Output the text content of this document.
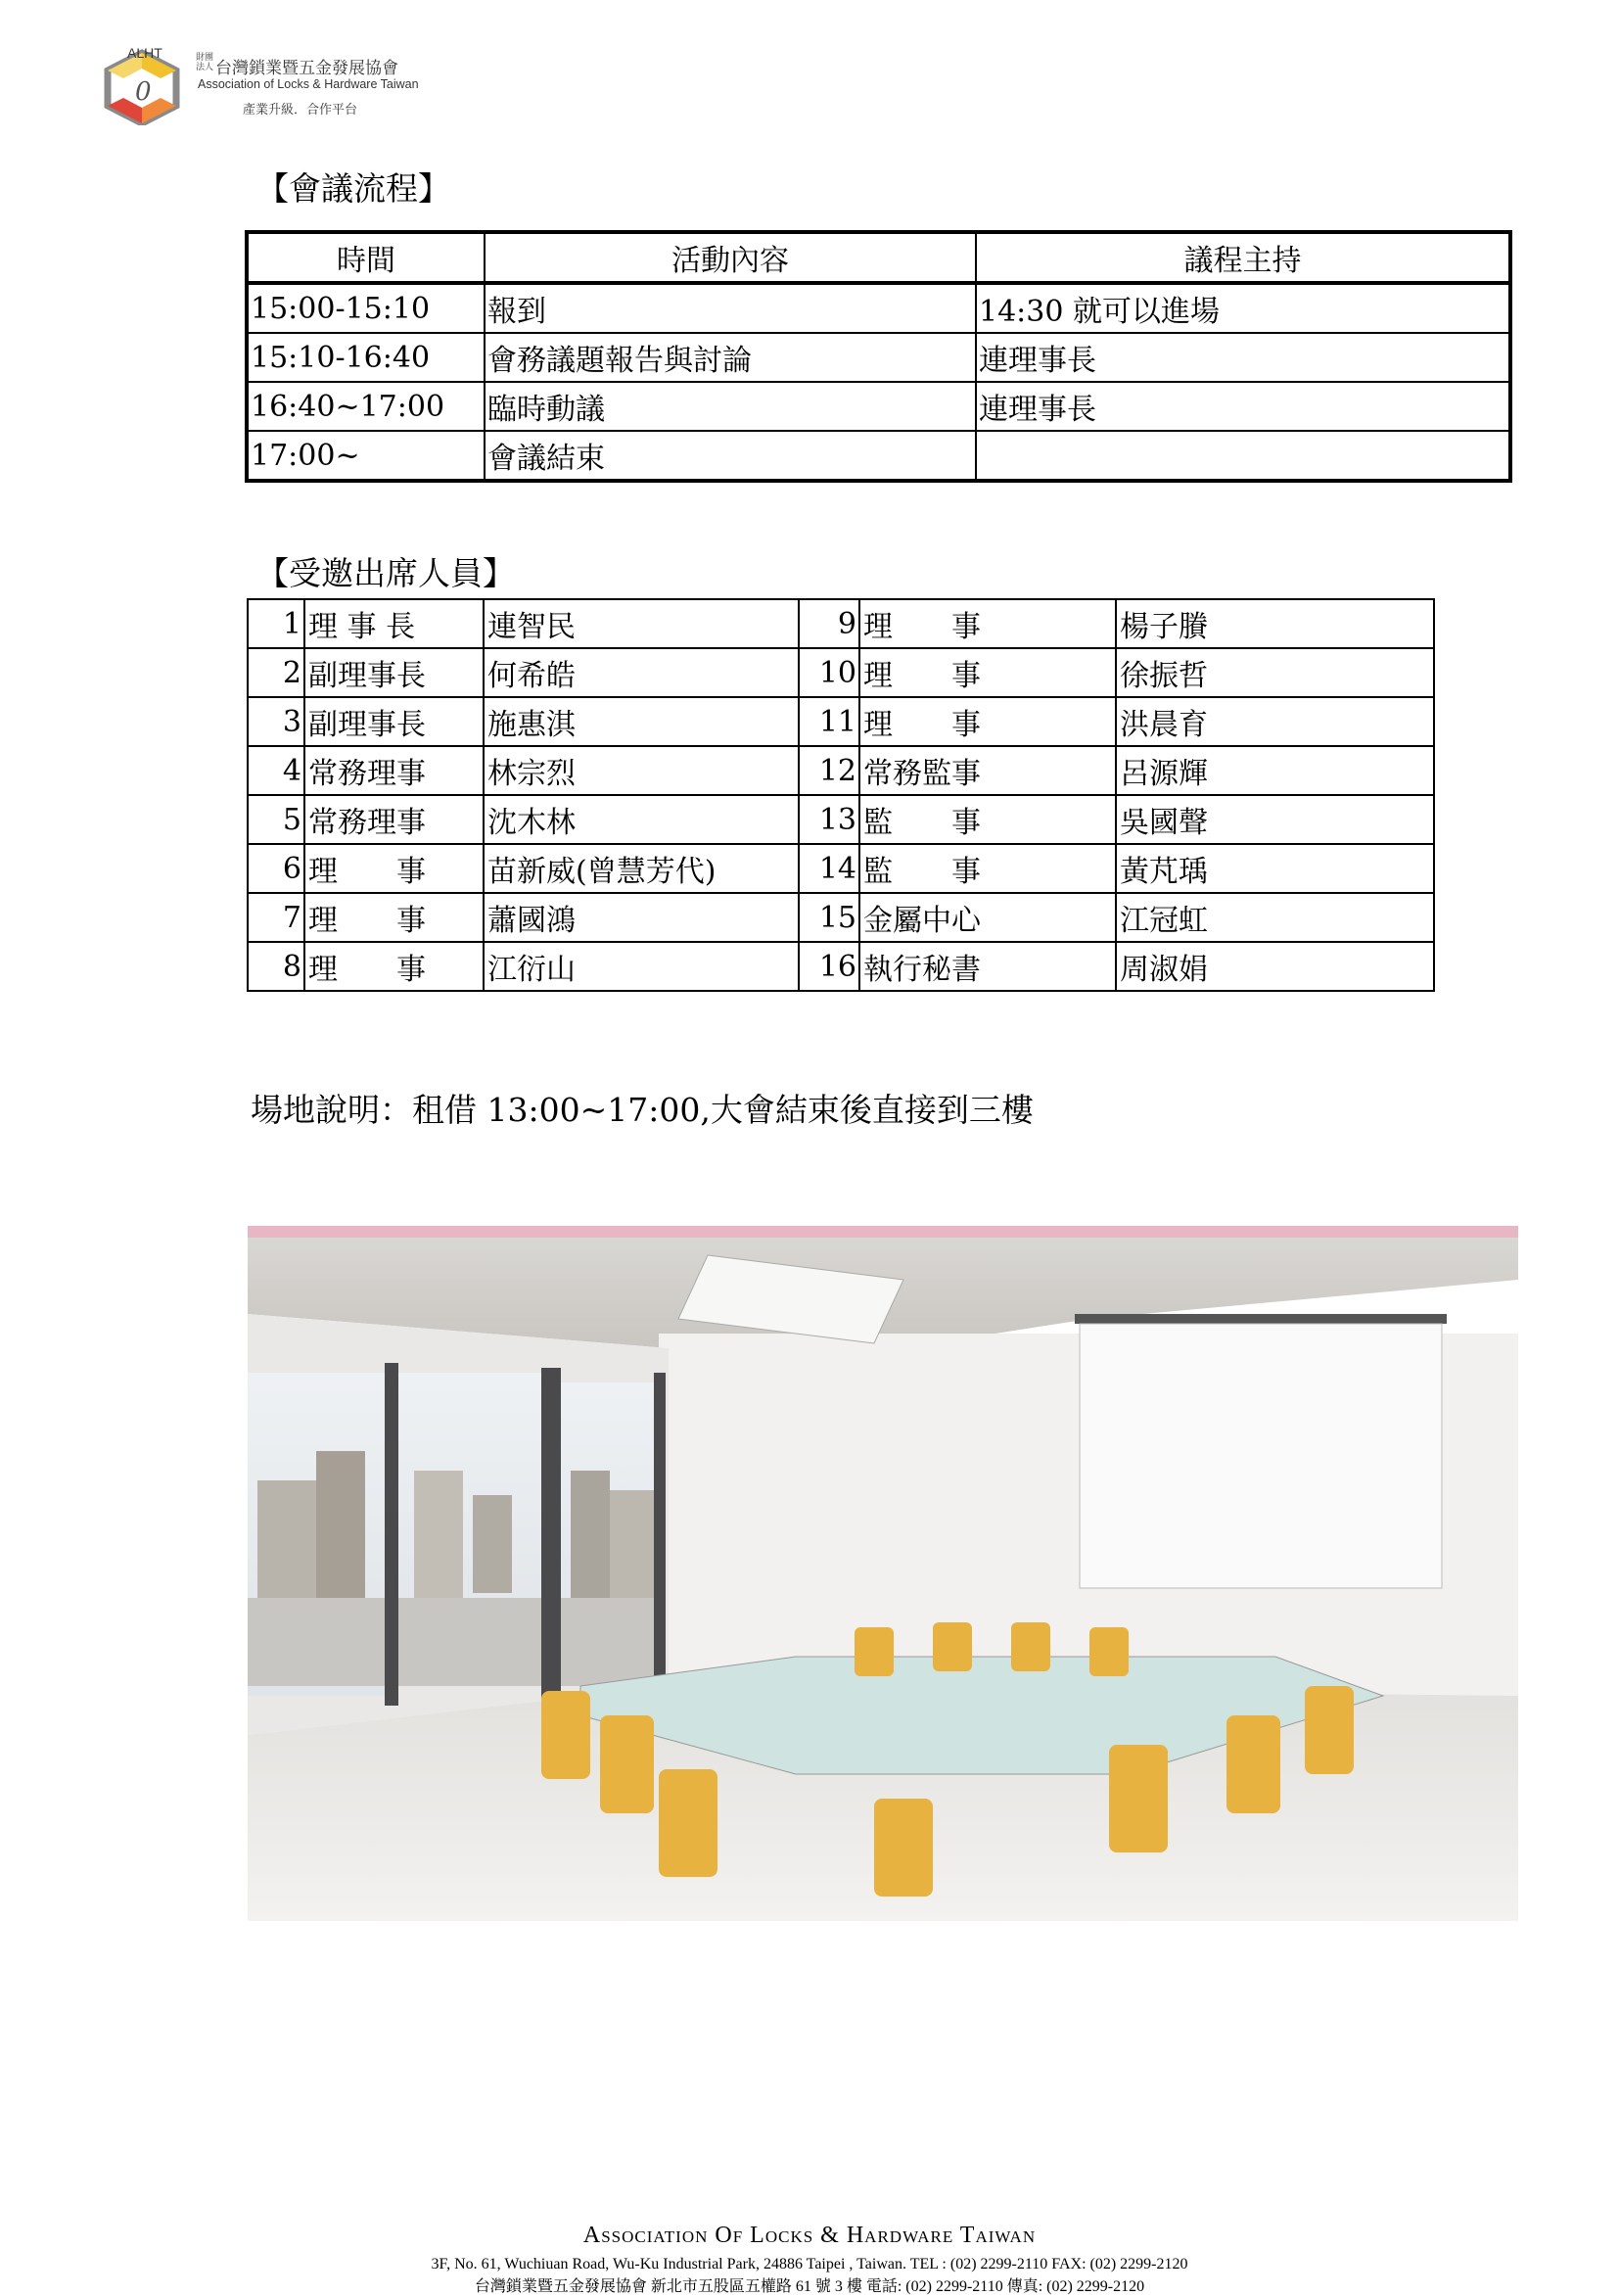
0
ALHT	財團法人 台灣鎖業暨五金發展協會
Association of Locks & Hardware Taiwan
產業升級．合作平台
【會議流程】
時間	活動內容	議程主持
15:00-15:10	報到	14:30 就可以進場
15:10-16:40	會務議題報告與討論	連理事長
16:40~17:00	臨時動議	連理事長
17:00~	會議結束	
【受邀出席人員】
1	理 事 長	連智民	9	理　　事	楊子賸
2	副理事長	何希皓	10	理　　事	徐振哲
3	副理事長	施惠淇	11	理　　事	洪晨育
4	常務理事	林宗烈	12	常務監事	呂源輝
5	常務理事	沈木林	13	監　　事	吳國聲
6	理　　事	苗新威(曾慧芳代)	14	監　　事	黃芃瑀
7	理　　事	蕭國鴻	15	金屬中心	江冠虹
8	理　　事	江衍山	16	執行秘書	周淑娟
場地說明：租借 13:00~17:00,大會結束後直接到三樓
Association Of Locks & Hardware Taiwan
3F, No. 61, Wuchiuan Road, Wu-Ku Industrial Park, 24886 Taipei , Taiwan. TEL : (02) 2299-2110 FAX: (02) 2299-2120
台灣鎖業暨五金發展協會 新北市五股區五權路 61 號 3 樓 電話: (02) 2299-2110 傳真: (02) 2299-2120
